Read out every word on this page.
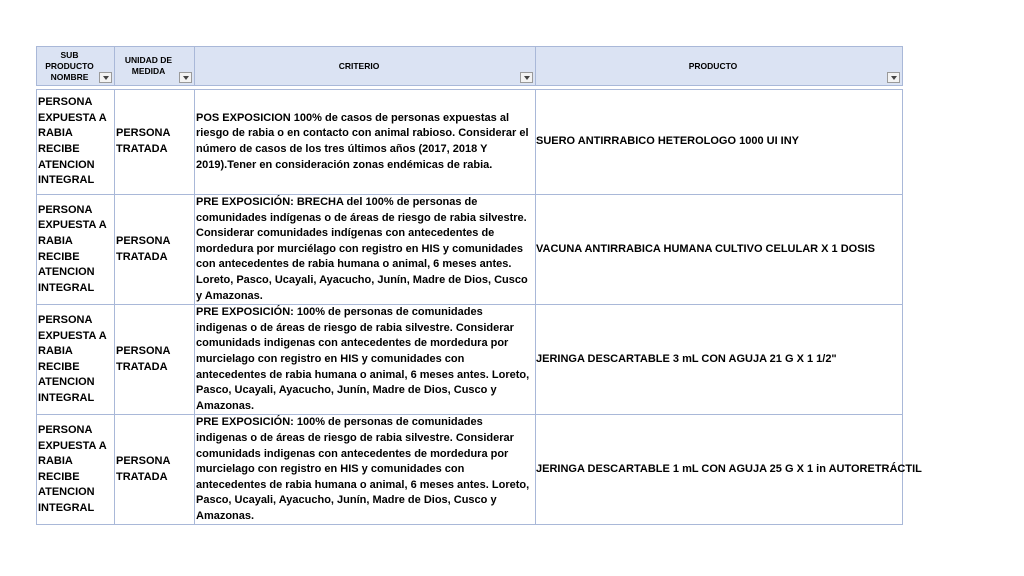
SUB PRODUCTO NOMBRE	UNIDAD DE MEDIDA	CRITERIO	PRODUCTO

PERSONA EXPUESTA A RABIA RECIBE ATENCION INTEGRAL	PERSONA TRATADA	POS EXPOSICION 100% de casos de personas expuestas al riesgo de rabia o en contacto con animal rabioso. Considerar el número de casos de los tres últimos años (2017, 2018 Y 2019).Tener en consideración zonas endémicas de rabia.	SUERO ANTIRRABICO HETEROLOGO 1000 UI INY
PERSONA EXPUESTA A RABIA RECIBE ATENCION INTEGRAL	PERSONA TRATADA	PRE EXPOSICIÓN: BRECHA del 100% de personas de comunidades indígenas o de áreas de riesgo de rabia silvestre. Considerar comunidades indígenas con antecedentes de mordedura por murciélago con registro en HIS y comunidades con antecedentes de rabia humana o animal, 6 meses antes. Loreto, Pasco, Ucayali, Ayacucho, Junín, Madre de Dios, Cusco y Amazonas.	VACUNA ANTIRRABICA HUMANA CULTIVO CELULAR X 1 DOSIS
PERSONA EXPUESTA A RABIA RECIBE ATENCION INTEGRAL	PERSONA TRATADA	PRE EXPOSICIÓN: 100% de personas de comunidades indigenas o de áreas de riesgo de rabia silvestre. Considerar comunidads indigenas con antecedentes de mordedura por murcielago con registro en HIS y comunidades con antecedentes de rabia humana o animal, 6 meses antes. Loreto, Pasco, Ucayali, Ayacucho, Junín, Madre de Dios, Cusco y Amazonas.	JERINGA DESCARTABLE 3 mL CON AGUJA 21 G X 1 1/2"
PERSONA EXPUESTA A RABIA RECIBE ATENCION INTEGRAL	PERSONA TRATADA	PRE EXPOSICIÓN: 100% de personas de comunidades indigenas o de áreas de riesgo de rabia silvestre. Considerar comunidads indigenas con antecedentes de mordedura por murcielago con registro en HIS y comunidades con antecedentes de rabia humana o animal, 6 meses antes. Loreto, Pasco, Ucayali, Ayacucho, Junín, Madre de Dios, Cusco y Amazonas.	JERINGA DESCARTABLE 1 mL CON AGUJA 25 G X 1 in AUTORETRÁCTIL
